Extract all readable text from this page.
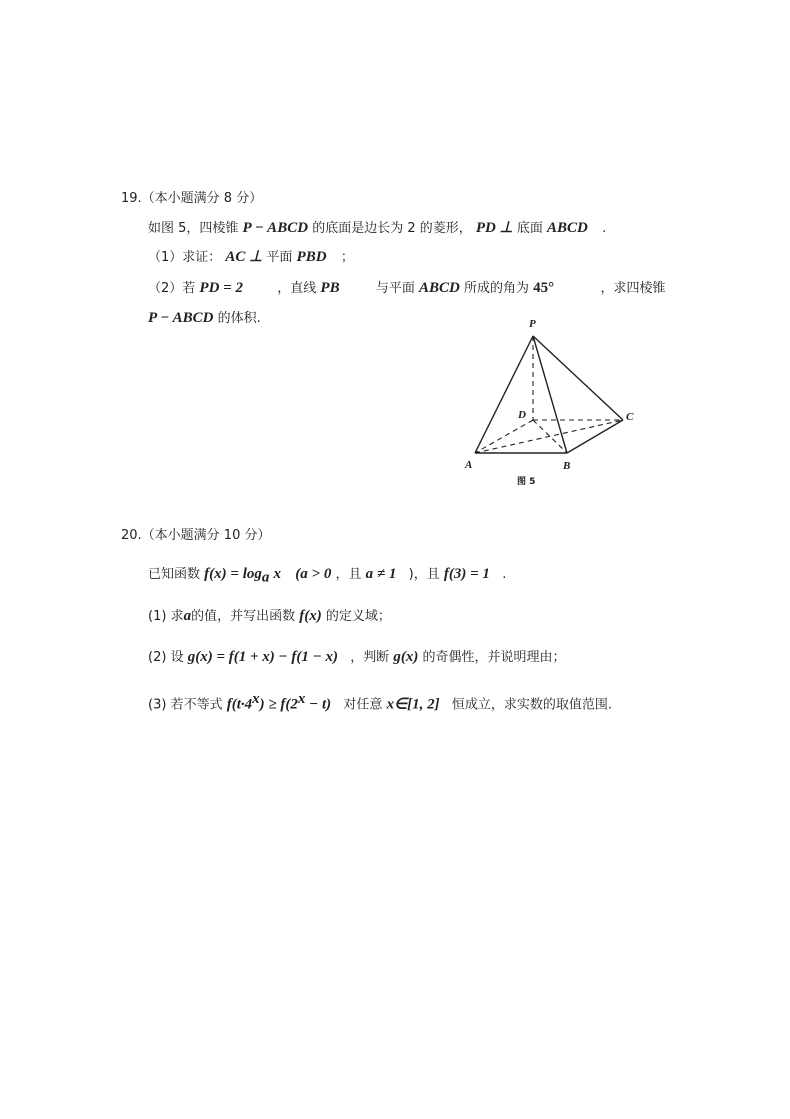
19.（本小题满分 8 分）
如图 5，四棱锥 P − ABCD 的底面是边长为 2 的菱形， PD ⊥ 底面 ABCD .
（1）求证： AC ⊥ 平面 PBD ；
（2）若 PD = 2	，直线 PB	与平面 ABCD 所成的角为 45°	，求四棱锥
P − ABCD 的体积.	P
A	B
C
D
图 5
20.（本小题满分 10 分）
已知函数 $f(x) = \log_a x$ (a > 0 ，且 a ≠ 1 )，且 f(3) = 1 .
(1) 求a的值，并写出函数 f(x) 的定义域；
(2) 设 g(x) = f(1 + x) − f(1 − x) ，判断 g(x) 的奇偶性，并说明理由；
(3) 若不等式 $f(t\cdot 4^x) \ge f(2^x - t)$ 对任意 x∈[1, 2] 恒成立，求实数的取值范围.
